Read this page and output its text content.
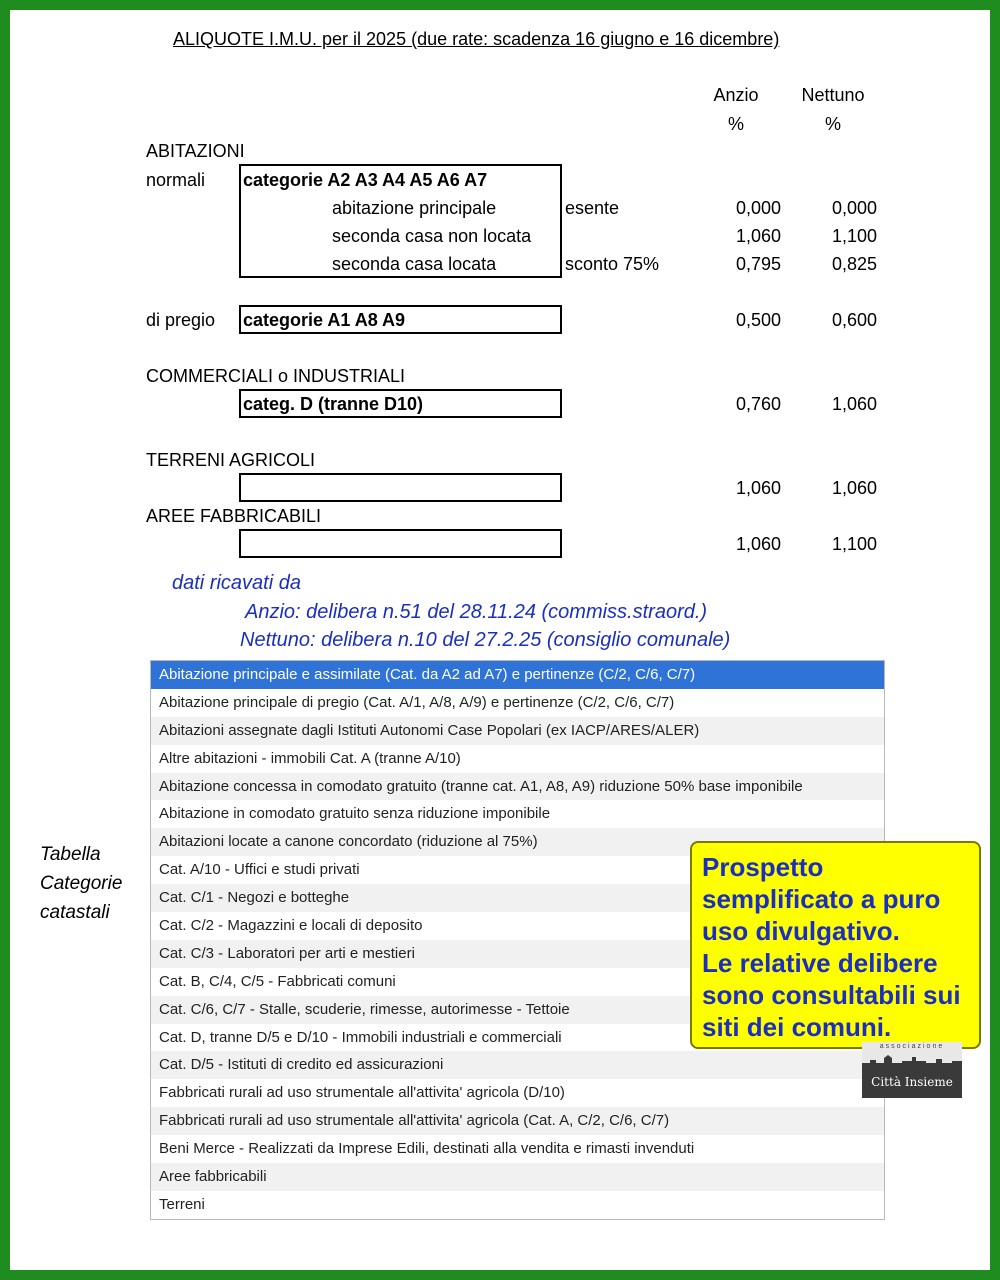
ALIQUOTE I.M.U. per il 2025 (due rate: scadenza 16 giugno e 16 dicembre)
Anzio	Nettuno
%	%
ABITAZIONI
normali categorie A2 A3 A4 A5 A6 A7
abitazione principale	esente	0,000	0,000
seconda casa non locata	1,060	1,100
seconda casa locata	sconto 75%	0,795	0,825
di pregio categorie A1 A8 A9	0,500	0,600
COMMERCIALI o INDUSTRIALI
categ. D (tranne D10)	0,760	1,060
TERRENI AGRICOLI
1,060	1,060
AREE FABBRICABILI
1,060	1,100
dati ricavati da
Anzio: delibera n.51 del 28.11.24 (commiss.straord.)
Nettuno: delibera n.10 del 27.2.25 (consiglio comunale)
Tabella
Categorie
catastali
Abitazione principale e assimilate (Cat. da A2 ad A7) e pertinenze (C/2, C/6, C/7)
Abitazione principale di pregio (Cat. A/1, A/8, A/9) e pertinenze (C/2, C/6, C/7)
Abitazioni assegnate dagli Istituti Autonomi Case Popolari (ex IACP/ARES/ALER)
Altre abitazioni - immobili Cat. A (tranne A/10)
Abitazione concessa in comodato gratuito (tranne cat. A1, A8, A9) riduzione 50% base imponibile
Abitazione in comodato gratuito senza riduzione imponibile
Abitazioni locate a canone concordato (riduzione al 75%)
Cat. A/10 - Uffici e studi privati
Cat. C/1 - Negozi e botteghe
Cat. C/2 - Magazzini e locali di deposito
Cat. C/3 - Laboratori per arti e mestieri
Cat. B, C/4, C/5 - Fabbricati comuni
Cat. C/6, C/7 - Stalle, scuderie, rimesse, autorimesse - Tettoie
Cat. D, tranne D/5 e D/10 - Immobili industriali e commerciali
Cat. D/5 - Istituti di credito ed assicurazioni
Fabbricati rurali ad uso strumentale all'attivita' agricola (D/10)
Fabbricati rurali ad uso strumentale all'attivita' agricola (Cat. A, C/2, C/6, C/7)
Beni Merce - Realizzati da Imprese Edili, destinati alla vendita e rimasti invenduti
Aree fabbricabili
Terreni
Prospetto
semplificato a puro
uso divulgativo.
Le relative delibere
sono consultabili sui
siti dei comuni.
associazione
Città Insieme
